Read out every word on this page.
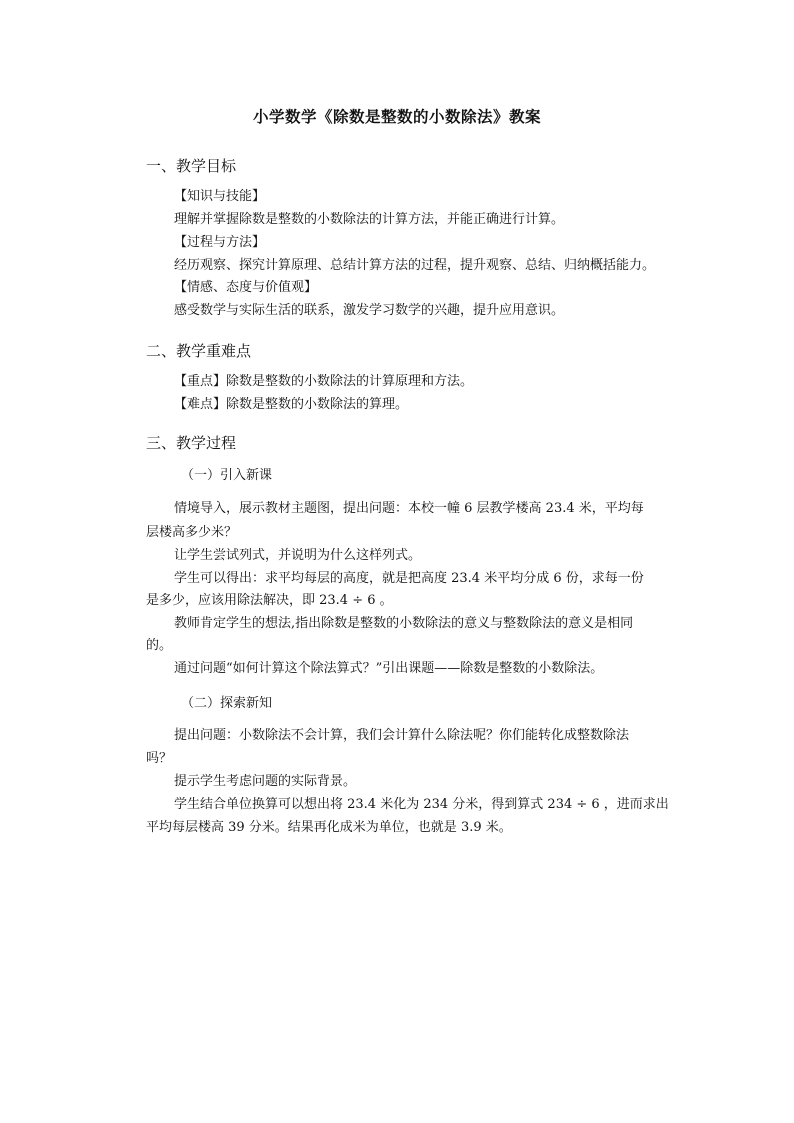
小学数学《除数是整数的小数除法》教案
一、教学目标
【知识与技能】
理解并掌握除数是整数的小数除法的计算方法，并能正确进行计算。
【过程与方法】
经历观察、探究计算原理、总结计算方法的过程，提升观察、总结、归纳概括能力。
【情感、态度与价值观】
感受数学与实际生活的联系，激发学习数学的兴趣，提升应用意识。
二、教学重难点
【重点】除数是整数的小数除法的计算原理和方法。
【难点】除数是整数的小数除法的算理。
三、教学过程
（一）引入新课
情境导入，展示教材主题图，提出问题：本校一幢 6 层教学楼高 23.4 米，平均每
层楼高多少米？
让学生尝试列式，并说明为什么这样列式。
学生可以得出：求平均每层的高度，就是把高度 23.4 米平均分成 6 份，求每一份
是多少，应该用除法解决，即 23.4 ÷ 6 。
教师肯定学生的想法,指出除数是整数的小数除法的意义与整数除法的意义是相同
的。
通过问题“如何计算这个除法算式？”引出课题——除数是整数的小数除法。
（二）探索新知
提出问题：小数除法不会计算，我们会计算什么除法呢？你们能转化成整数除法
吗？
提示学生考虑问题的实际背景。
学生结合单位换算可以想出将 23.4 米化为 234 分米，得到算式 234 ÷ 6 ，进而求出
平均每层楼高 39 分米。结果再化成米为单位，也就是 3.9 米。
